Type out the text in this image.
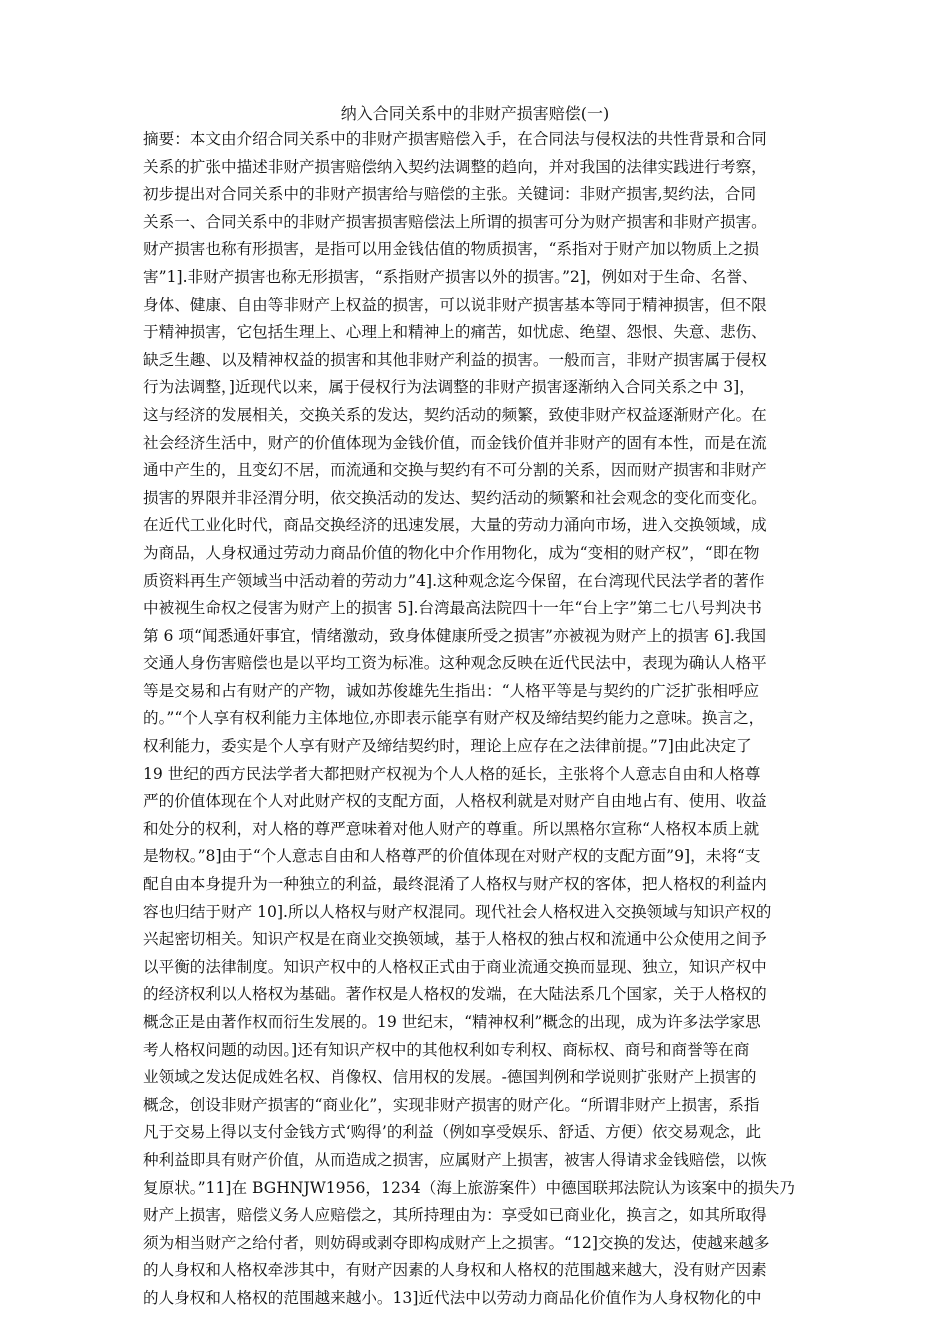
纳入合同关系中的非财产损害赔偿(一)
摘要：本文由介绍合同关系中的非财产损害赔偿入手，在合同法与侵权法的共性背景和合同
关系的扩张中描述非财产损害赔偿纳入契约法调整的趋向，并对我国的法律实践进行考察，
初步提出对合同关系中的非财产损害给与赔偿的主张。关键词：非财产损害,契约法，合同
关系一、合同关系中的非财产损害损害赔偿法上所谓的损害可分为财产损害和非财产损害。
财产损害也称有形损害，是指可以用金钱估值的物质损害，“系指对于财产加以物质上之损
害”1].非财产损害也称无形损害，“系指财产损害以外的损害。”2]，例如对于生命、名誉、
身体、健康、自由等非财产上权益的损害，可以说非财产损害基本等同于精神损害，但不限
于精神损害，它包括生理上、心理上和精神上的痛苦，如忧虑、绝望、怨恨、失意、悲伤、
缺乏生趣、以及精神权益的损害和其他非财产利益的损害。一般而言，非财产损害属于侵权
行为法调整，]近现代以来，属于侵权行为法调整的非财产损害逐渐纳入合同关系之中 3]，
这与经济的发展相关，交换关系的发达，契约活动的频繁，致使非财产权益逐渐财产化。在
社会经济生活中，财产的价值体现为金钱价值，而金钱价值并非财产的固有本性，而是在流
通中产生的，且变幻不居，而流通和交换与契约有不可分割的关系，因而财产损害和非财产
损害的界限并非泾渭分明，依交换活动的发达、契约活动的频繁和社会观念的变化而变化。
在近代工业化时代，商品交换经济的迅速发展，大量的劳动力涌向市场，进入交换领域，成
为商品，人身权通过劳动力商品价值的物化中介作用物化，成为“变相的财产权”，“即在物
质资料再生产领域当中活动着的劳动力”4].这种观念迄今保留，在台湾现代民法学者的著作
中被视生命权之侵害为财产上的损害 5].台湾最高法院四十一年“台上字”第二七八号判决书
第 6 项“闻悉通奸事宜，情绪激动，致身体健康所受之损害”亦被视为财产上的损害 6].我国
交通人身伤害赔偿也是以平均工资为标准。这种观念反映在近代民法中，表现为确认人格平
等是交易和占有财产的产物，诚如苏俊雄先生指出：“人格平等是与契约的广泛扩张相呼应
的。”“个人享有权利能力主体地位,亦即表示能享有财产权及缔结契约能力之意味。换言之，
权利能力，委实是个人享有财产及缔结契约时，理论上应存在之法律前提。”7]由此决定了
19 世纪的西方民法学者大都把财产权视为个人人格的延长，主张将个人意志自由和人格尊
严的价值体现在个人对此财产权的支配方面，人格权利就是对财产自由地占有、使用、收益
和处分的权利，对人格的尊严意味着对他人财产的尊重。所以黑格尔宣称“人格权本质上就
是物权。”8]由于“个人意志自由和人格尊严的价值体现在对财产权的支配方面”9]，未将“支
配自由本身提升为一种独立的利益，最终混淆了人格权与财产权的客体，把人格权的利益内
容也归结于财产 10].所以人格权与财产权混同。现代社会人格权进入交换领域与知识产权的
兴起密切相关。知识产权是在商业交换领域，基于人格权的独占权和流通中公众使用之间予
以平衡的法律制度。知识产权中的人格权正式由于商业流通交换而显现、独立，知识产权中
的经济权利以人格权为基础。著作权是人格权的发端，在大陆法系几个国家，关于人格权的
概念正是由著作权而衍生发展的。19 世纪末，“精神权利”概念的出现，成为许多法学家思
考人格权问题的动因。]还有知识产权中的其他权利如专利权、商标权、商号和商誉等在商
业领域之发达促成姓名权、肖像权、信用权的发展。-德国判例和学说则扩张财产上损害的
概念，创设非财产损害的“商业化”，实现非财产损害的财产化。“所谓非财产上损害，系指
凡于交易上得以支付金钱方式‘购得’的利益（例如享受娱乐、舒适、方便）依交易观念，此
种利益即具有财产价值，从而造成之损害，应属财产上损害，被害人得请求金钱赔偿，以恢
复原状。”11]在 BGHNJW1956，1234（海上旅游案件）中德国联邦法院认为该案中的损失乃
财产上损害，赔偿义务人应赔偿之，其所持理由为：享受如已商业化，换言之，如其所取得
须为相当财产之给付者，则妨碍或剥夺即构成财产上之损害。“12]交换的发达，使越来越多
的人身权和人格权牵涉其中，有财产因素的人身权和人格权的范围越来越大，没有财产因素
的人身权和人格权的范围越来越小。13]近代法中以劳动力商品化价值作为人身权物化的中
